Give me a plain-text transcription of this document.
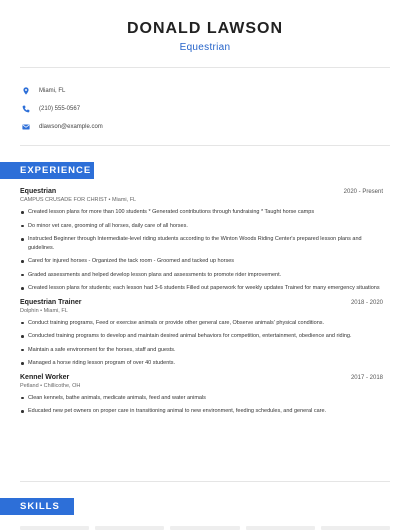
DONALD LAWSON
Equestrian
Miami, FL
(210) 555-0567
dlawson@example.com
EXPERIENCE
Equestrian	2020 - Present
CAMPUS CRUSADE FOR CHRIST • Miami, FL
Created lesson plans for more than 100 students * Generated contributions through fundraising * Taught horse camps
Do minor vet care, grooming of all horses, daily care of all horses.
Instructed Beginner through Intermediate-level riding students according to the Winton Woods Riding Center's prepared lesson plans and guidelines.
Cared for injured horses - Organized the tack room - Groomed and tacked up horses
Graded assessments and helped develop lesson plans and assessments to promote rider improvement.
Created lesson plans for students; each lesson had 3-6 students Filled out paperwork for weekly updates Trained for many emergency situations
Equestrian Trainer	2018 - 2020
Dolphin • Miami, FL
Conduct training programs, Feed or exercise animals or provide other general care, Observe animals' physical conditions.
Conducted training programs to develop and maintain desired animal behaviors for competition, entertainment, obedience and riding.
Maintain a safe environment for the horses, staff and guests.
Managed a horse riding lesson program of over 40 students.
Kennel Worker	2017 - 2018
Petland • Chillicothe, OH
Clean kennels, bathe animals, medicate animals, feed and water animals
Educated new pet owners on proper care in transitioning animal to new environment, feeding schedules, and general care.
SKILLS
